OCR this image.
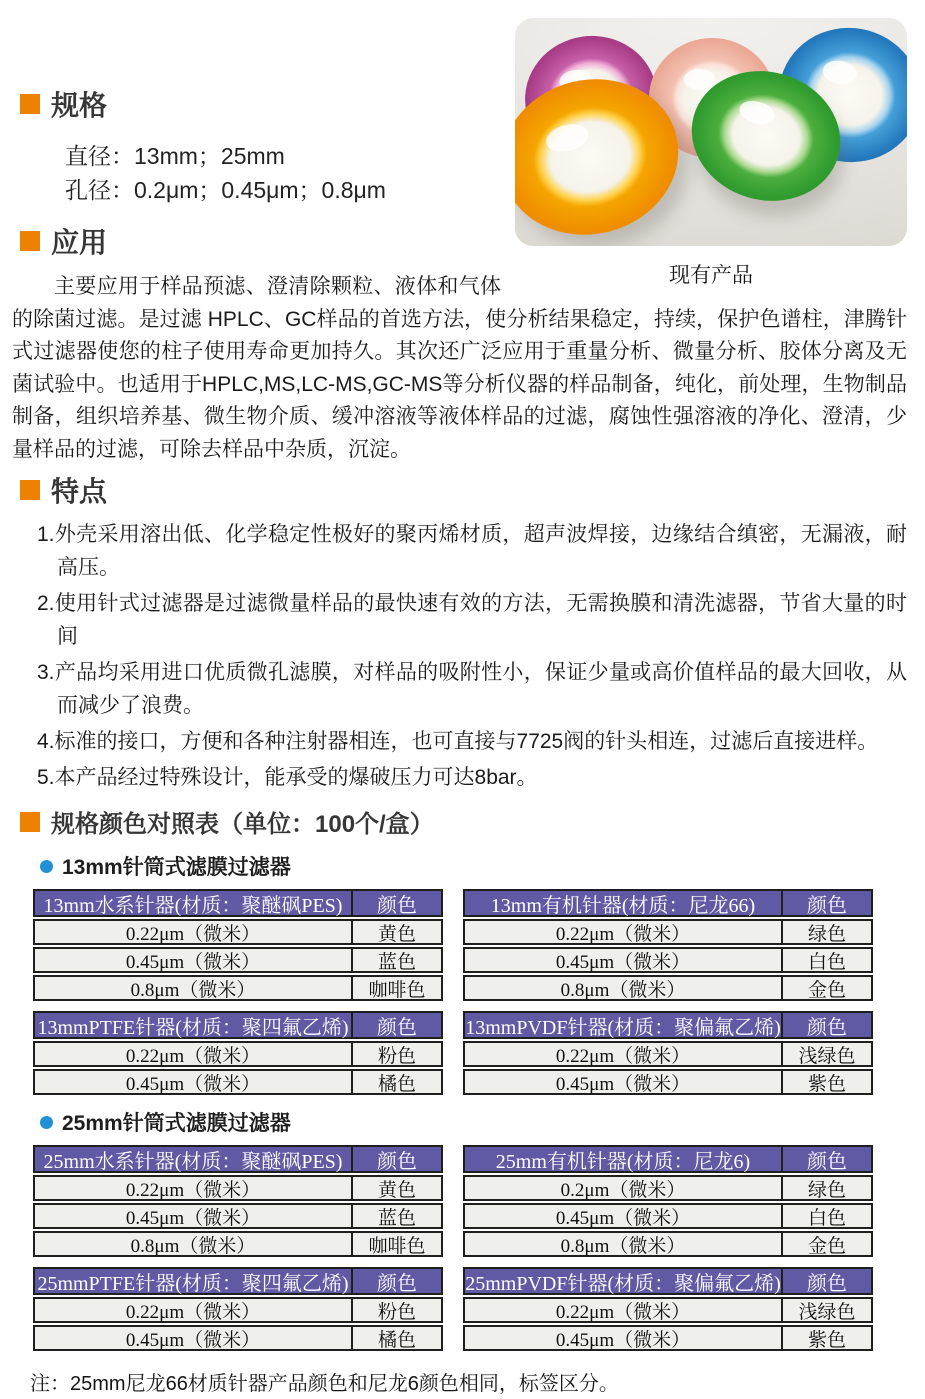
现有产品
规格
直径：13mm；25mm
孔径：0.2μm；0.45μm；0.8μm
应用

主要应用于样品预滤、澄清除颗粒、液体和气体的除菌过滤。是过滤 HPLC、GC样品的首选方法，使分析结果稳定，持续，保护色谱柱，津腾针式过滤器使您的柱子使用寿命更加持久。其次还广泛应用于重量分析、微量分析、胶体分离及无菌试验中。也适用于HPLC,MS,LC-MS,GC-MS等分析仪器的样品制备，纯化，前处理，生物制品制备，组织培养基、微生物介质、缓冲溶液等液体样品的过滤，腐蚀性强溶液的净化、澄清，少量样品的过滤，可除去样品中杂质，沉淀。

特点
1.外壳采用溶出低、化学稳定性极好的聚丙烯材质，超声波焊接，边缘结合缜密，无漏液，耐高压。
2.使用针式过滤器是过滤微量样品的最快速有效的方法，无需换膜和清洗滤器，节省大量的时间
3.产品均采用进口优质微孔滤膜，对样品的吸附性小，保证少量或高价值样品的最大回收，从而减少了浪费。
4.标准的接口，方便和各种注射器相连，也可直接与7725阀的针头相连，过滤后直接进样。
5.本产品经过特殊设计，能承受的爆破压力可达8bar。
规格颜色对照表（单位：100个/盒）
13mm针筒式滤膜过滤器
13mm水系针器(材质：聚醚砜PES)	颜色
0.22μm（微米）	黄色
0.45μm（微米）	蓝色
0.8μm（微米）	咖啡色
13mm有机针器(材质：尼龙66)	颜色
0.22μm（微米）	绿色
0.45μm（微米）	白色
0.8μm（微米）	金色
13mmPTFE针器(材质：聚四氟乙烯)	颜色
0.22μm（微米）	粉色
0.45μm（微米）	橘色
13mmPVDF针器(材质：聚偏氟乙烯)	颜色
0.22μm（微米）	浅绿色
0.45μm（微米）	紫色
25mm针筒式滤膜过滤器
25mm水系针器(材质：聚醚砜PES)	颜色
0.22μm（微米）	黄色
0.45μm（微米）	蓝色
0.8μm（微米）	咖啡色
25mm有机针器(材质：尼龙6)	颜色
0.2μm（微米）	绿色
0.45μm（微米）	白色
0.8μm（微米）	金色
25mmPTFE针器(材质：聚四氟乙烯)	颜色
0.22μm（微米）	粉色
0.45μm（微米）	橘色
25mmPVDF针器(材质：聚偏氟乙烯)	颜色
0.22μm（微米）	浅绿色
0.45μm（微米）	紫色
注：25mm尼龙66材质针器产品颜色和尼龙6颜色相同，标签区分。
